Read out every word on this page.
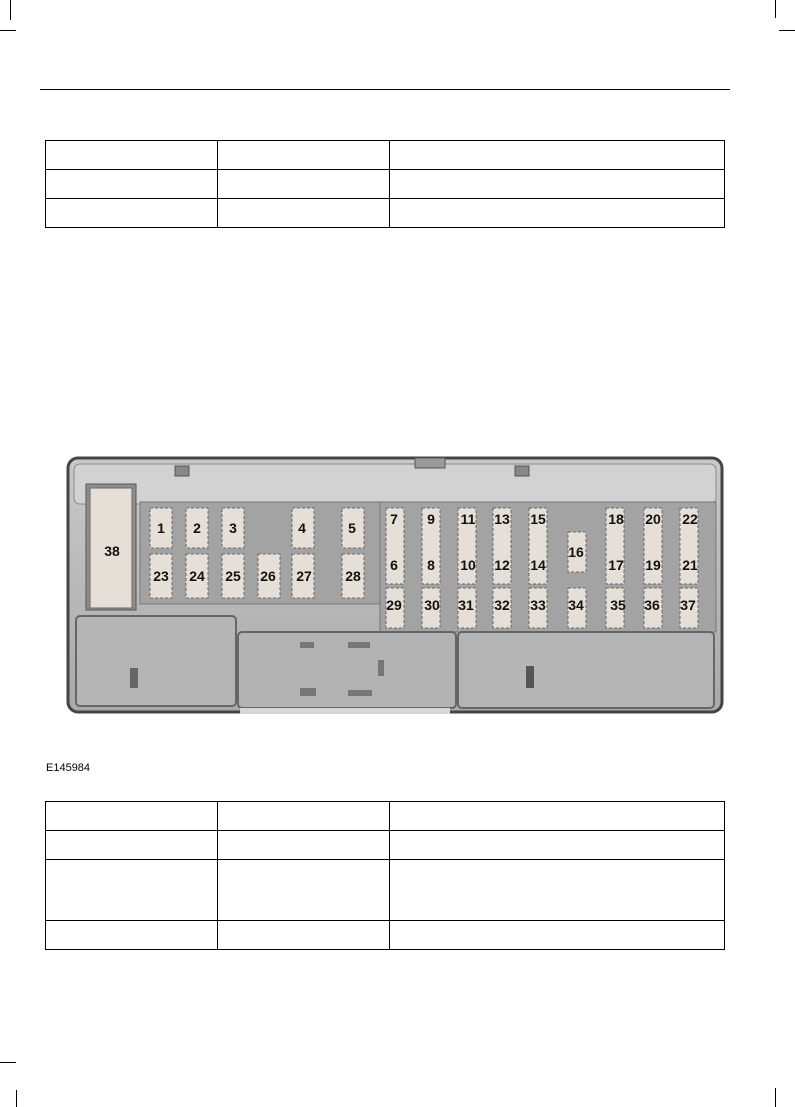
1 2 3	4	5
6
7
8
9
10
11
12
13
14
15
16
17
18
19
20
21
22
23 24 25 26 27 28
29 30 31 32 33 34 35 36 37
38
E145984
